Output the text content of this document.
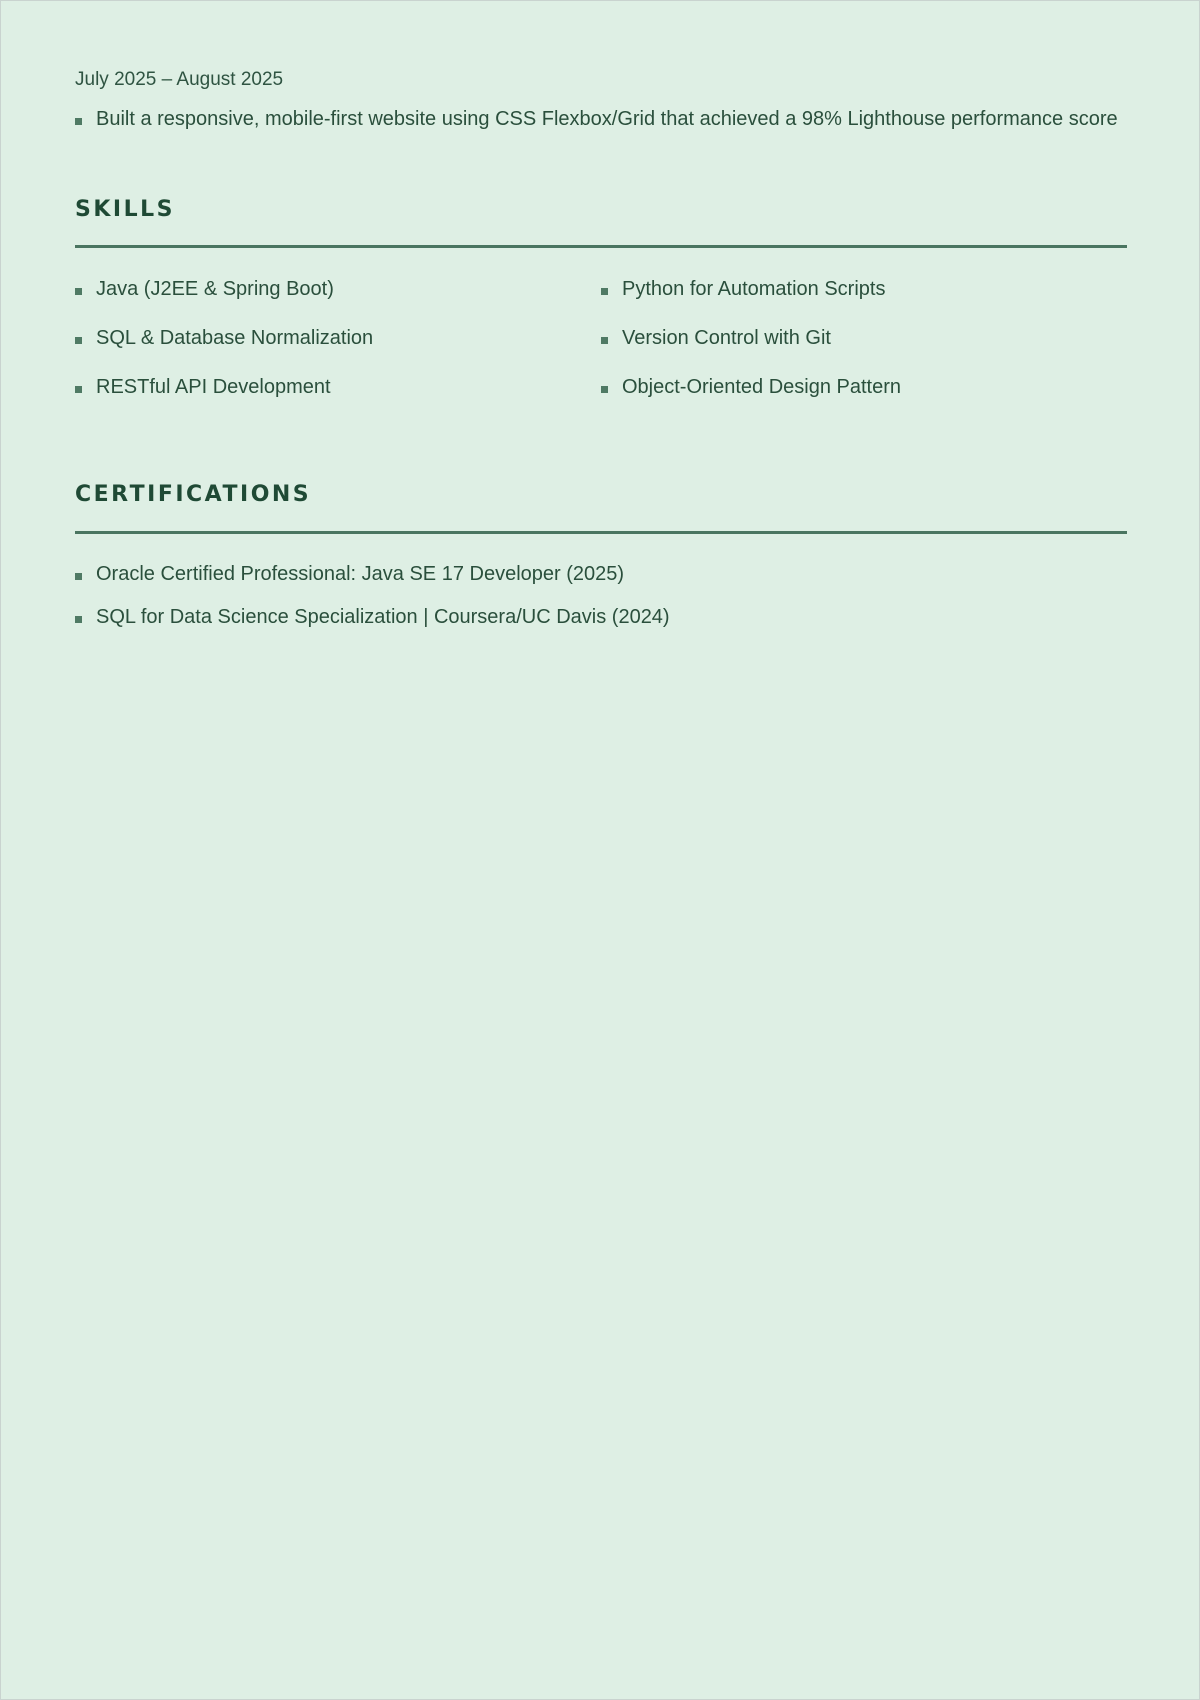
July 2025 – August 2025
Built a responsive, mobile-first website using CSS Flexbox/Grid that achieved a 98% Lighthouse performance score
SKILLS
Java (J2EE & Spring Boot)	Python for Automation Scripts
SQL & Database Normalization	Version Control with Git
RESTful API Development	Object-Oriented Design Pattern
CERTIFICATIONS
Oracle Certified Professional: Java SE 17 Developer (2025)
SQL for Data Science Specialization | Coursera/UC Davis (2024)
